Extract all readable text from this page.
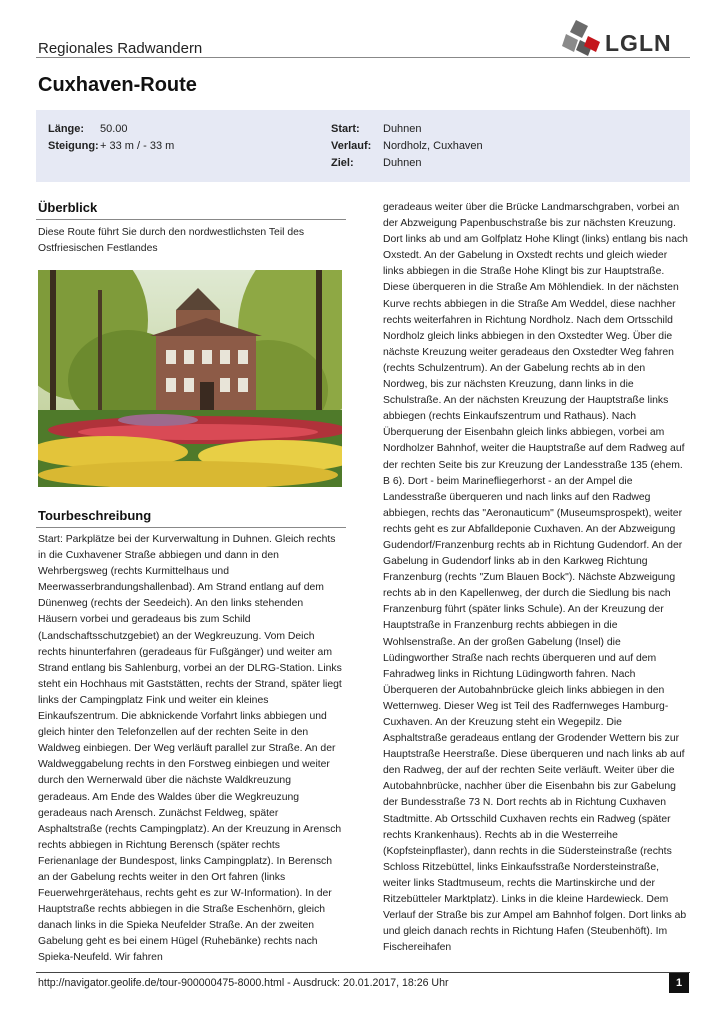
Regionales Radwandern	LGLN
Cuxhaven-Route
Länge: 50.00
Steigung: + 33 m / - 33 m
Start: Duhnen
Verlauf: Nordholz, Cuxhaven
Ziel:	Duhnen
Überblick

Diese Route führt Sie durch den nordwestlichsten Teil des Ostfriesischen Festlandes

Tourbeschreibung

Start: Parkplätze bei der Kurverwaltung in Duhnen. Gleich rechts in die Cuxhavener Straße abbiegen und dann in den Wehrbergsweg (rechts Kurmittelhaus und Meerwasserbrandungshallenbad). Am Strand entlang auf dem Dünenweg (rechts der Seedeich). An den links stehenden Häusern vorbei und geradeaus bis zum Schild (Landschaftsschutzgebiet) an der Wegkreuzung. Vom Deich rechts hinunterfahren (geradeaus für Fußgänger) und weiter am Strand entlang bis Sahlenburg, vorbei an der DLRG-Station. Links steht ein Hochhaus mit Gaststätten, rechts der Strand, später liegt links der Campingplatz Fink und weiter ein kleines Einkaufszentrum. Die abknickende Vorfahrt links abbiegen und gleich hinter den Telefonzellen auf der rechten Seite in den Waldweg einbiegen. Der Weg verläuft parallel zur Straße. An der Waldweggabelung rechts in den Forstweg einbiegen und weiter durch den Wernerwald über die nächste Waldkreuzung geradeaus. Am Ende des Waldes über die Wegkreuzung geradeaus nach Arensch. Zunächst Feldweg, später Asphaltstraße (rechts Campingplatz). An der Kreuzung in Arensch rechts abbiegen in Richtung Berensch (später rechts Ferienanlage der Bundespost, links Campingplatz). In Berensch an der Gabelung rechts weiter in den Ort fahren (links Feuerwehrgerätehaus, rechts geht es zur W-Information). In der Hauptstraße rechts abbiegen in die Straße Eschenhörn, gleich danach links in die Spieka Neufelder Straße. An der zweiten Gabelung geht es bei einem Hügel (Ruhebänke) rechts nach Spieka-Neufeld. Wir fahren

geradeaus weiter über die Brücke Landmarschgraben, vorbei an der Abzweigung Papenbuschstraße bis zur nächsten Kreuzung. Dort links ab und am Golfplatz Hohe Klingt (links) entlang bis nach Oxstedt. An der Gabelung in Oxstedt rechts und gleich wieder links abbiegen in die Straße Hohe Klingt bis zur Hauptstraße. Diese überqueren in die Straße Am Möhlendiek. In der nächsten Kurve rechts abbiegen in die Straße Am Weddel, diese nachher rechts weiterfahren in Richtung Nordholz. Nach dem Ortsschild Nordholz gleich links abbiegen in den Oxstedter Weg. Über die nächste Kreuzung weiter geradeaus den Oxstedter Weg fahren (rechts Schulzentrum). An der Gabelung rechts ab in den Nordweg, bis zur nächsten Kreuzung, dann links in die Schulstraße. An der nächsten Kreuzung der Hauptstraße links abbiegen (rechts Einkaufszentrum und Rathaus). Nach Überquerung der Eisenbahn gleich links abbiegen, vorbei am Nordholzer Bahnhof, weiter die Hauptstraße auf dem Radweg auf der rechten Seite bis zur Kreuzung der Landesstraße 135 (ehem. B 6). Dort - beim Marinefliegerhorst - an der Ampel die Landesstraße überqueren und nach links auf den Radweg abbiegen, rechts das "Aeronauticum" (Museumsprospekt), weiter rechts geht es zur Abfalldeponie Cuxhaven. An der Abzweigung Gudendorf/Franzenburg rechts ab in Richtung Gudendorf. An der Gabelung in Gudendorf links ab in den Karkweg Richtung Franzenburg (rechts "Zum Blauen Bock"). Nächste Abzweigung rechts ab in den Kapellenweg, der durch die Siedlung bis nach Franzenburg führt (später links Schule). An der Kreuzung der Hauptstraße in Franzenburg rechts abbiegen in die Wohlsenstraße. An der großen Gabelung (Insel) die Lüdingworther Straße nach rechts überqueren und auf dem Fahradweg links in Richtung Lüdingworth fahren. Nach Überqueren der Autobahnbrücke gleich links abbiegen in den Wetternweg. Dieser Weg ist Teil des Radfernweges Hamburg-Cuxhaven. An der Kreuzung steht ein Wegepilz. Die Asphaltstraße geradeaus entlang der Grodender Wettern bis zur Hauptstraße Heerstraße. Diese überqueren und nach links ab auf den Radweg, der auf der rechten Seite verläuft. Weiter über die Autobahnbrücke, nachher über die Eisenbahn bis zur Gabelung der Bundesstraße 73 N. Dort rechts ab in Richtung Cuxhaven Stadtmitte. Ab Ortsschild Cuxhaven rechts ein Radweg (später rechts Krankenhaus). Rechts ab in die Westerreihe (Kopfsteinpflaster), dann rechts in die Südersteinstraße (rechts Schloss Ritzebüttel, links Einkaufsstraße Nordersteinstraße, weiter links Stadtmuseum, rechts die Martinskirche und der Ritzebütteler Marktplatz). Links in die kleine Hardewieck. Dem Verlauf der Straße bis zur Ampel am Bahnhof folgen. Dort links ab und gleich danach rechts in Richtung Hafen (Steubenhöft). Im Fischereihafen

http://navigator.geolife.de/tour-900000475-8000.html - Ausdruck: 20.01.2017, 18:26 Uhr	1
